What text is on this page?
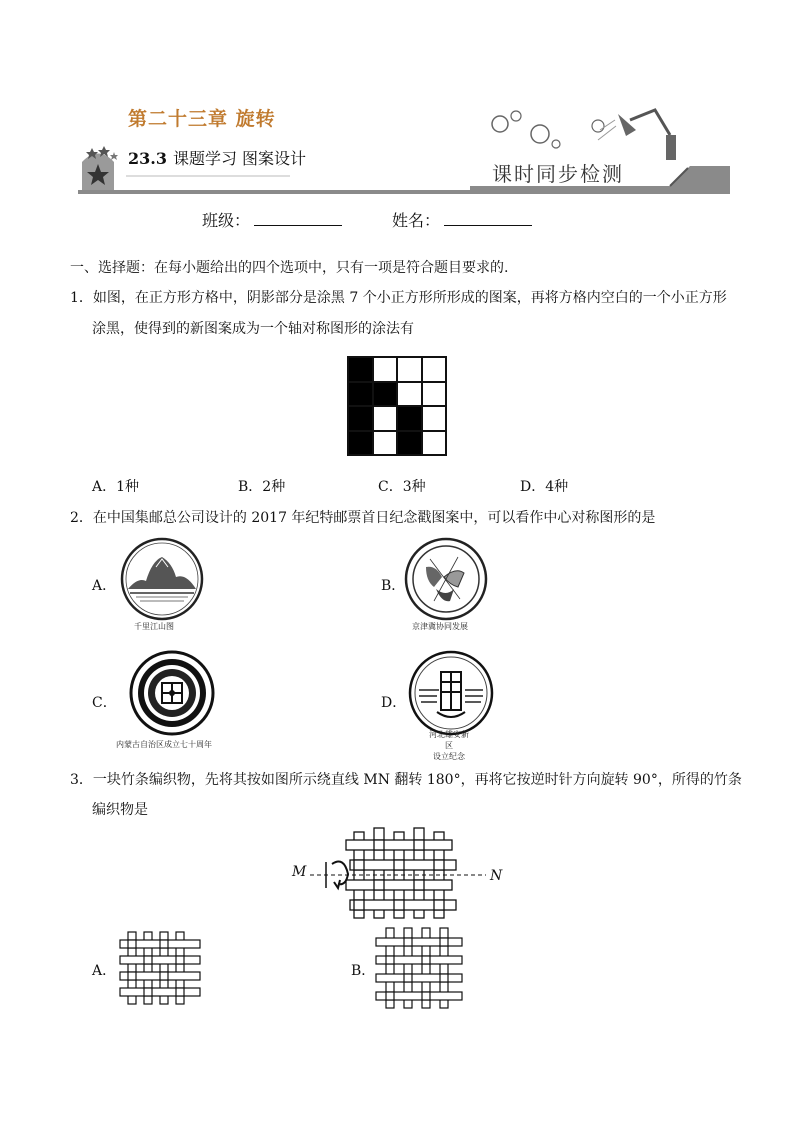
第二十三章 旋转
23.3 课题学习 图案设计
课时同步检测
班级：	姓名：
一、选择题：在每小题给出的四个选项中，只有一项是符合题目要求的.
1．如图，在正方形方格中，阴影部分是涂黑 7 个小正方形所形成的图案，再将方格内空白的一个小正方形
涂黑，使得到的新图案成为一个轴对称图形的涂法有
A．1种	B．2种	C．3种	D．4种
2．在中国集邮总公司设计的 2017 年纪特邮票首日纪念戳图案中，可以看作中心对称图形的是
A．
千里江山图
B．
京津冀协同发展
C．
内蒙古自治区成立七十周年
D．
河北雄安新区
设立纪念
3．一块竹条编织物，先将其按如图所示绕直线 MN 翻转 180°，再将它按逆时针方向旋转 90°，所得的竹条
编织物是
M	N
A．	B．
